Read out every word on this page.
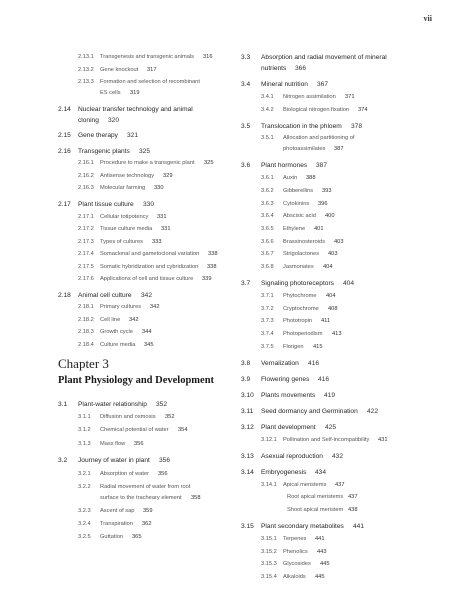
vii
2.13.1 Transgenesis and transgenic animals 316
2.13.2 Gene knockout 317
2.13.3 Formation and selection of recombinant
ES cells 319
2.14 Nuclear transfer technology and animal
cloning 320
2.15 Gene therapy 321
2.16 Transgenic plants 325
2.16.1 Procedure to make a transgenic plant 325
2.16.2 Antisense technology 329
2.16.3 Molecular farming 330
2.17 Plant tissue culture 330
2.17.1 Cellular totipotency 331
2.17.2 Tissue culture media 331
2.17.3 Types of cultures 333
2.17.4 Somaclonal and gametoclonal variation 338
2.17.5 Somatic hybridization and cybridization 338
2.17.6 Applications of cell and tissue culture 339
2.18 Animal cell culture 342
2.18.1 Primary cultures 342
2.18.2 Cell line 342
2.18.3 Growth cycle 344
2.18.4 Culture media 345
Chapter 3
Plant Physiology and Development
3.1 Plant-water relationship 352
3.1.1 Diffusion and osmosis 352
3.1.2 Chemical potential of water 354
3.1.3 Mass flow 356
3.2 Journey of water in plant 356
3.2.1 Absorption of water 356
3.2.2 Radial movement of water from root
surface to the tracheary element 358
3.2.3 Ascent of sap 359
3.2.4 Transpiration 362
3.2.5 Guttation 365
3.3 Absorption and radial movement of mineral
nutrients 366
3.4 Mineral nutrition 367
3.4.1 Nitrogen assimilation 371
3.4.2 Biological nitrogen fixation 374
3.5 Translocation in the phloem 378
3.5.1 Allocation and partitioning of
photoassimilates 387
3.6 Plant hormones 387
3.6.1 Auxin 388
3.6.2 Gibberellins 393
3.6.3 Cytokinins 396
3.6.4 Abscisic acid 400
3.6.5 Ethylene 401
3.6.6 Brassinosteroids 403
3.6.7 Strigolactones 403
3.6.8 Jasmonates 404
3.7 Signaling photoreceptors 404
3.7.1 Phytochrome 404
3.7.2 Cryptochrome 408
3.7.3 Phototropin 411
3.7.4 Photoperiodism 413
3.7.5 Florigen 415
3.8 Vernalization 416
3.9 Flowering genes 416
3.10 Plants movements 419
3.11 Seed dormancy and Germination 422
3.12 Plant development 425
3.12.1 Pollination and Self-incompatibility 431
3.13 Asexual reproduction 432
3.14 Embryogenesis 434
3.14.1 Apical meristems 437
Root apical meristems 437
Shoot apical meristem 438
3.15 Plant secondary metabolites 441
3.15.1 Terpenes 441
3.15.2 Phenolics 443
3.15.3 Glycosides 445
3.15.4 Alkaloids 445
